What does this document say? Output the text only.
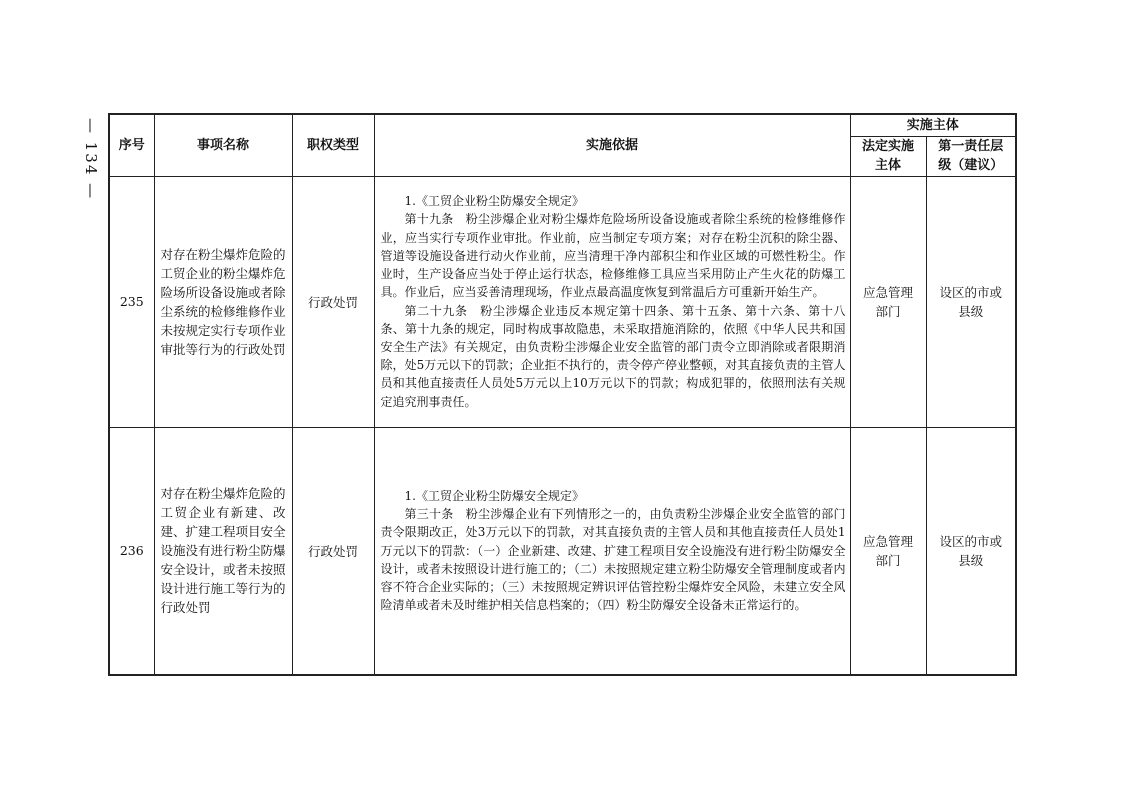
— 134 — 序号	事项名称	职权类型	实施依据	实施主体	
				法定实施主体	第一责任层级（建议）
235	对存在粉尘爆炸危险的工贸企业的粉尘爆炸危险场所设备设施或者除尘系统的检修维修作业未按规定实行专项作业审批等行为的行政处罚	行政处罚	1.《工贸企业粉尘防爆安全规定》

第十九条　粉尘涉爆企业对粉尘爆炸危险场所设备设施或者除尘系统的检修维修作业，应当实行专项作业审批。作业前，应当制定专项方案；对存在粉尘沉积的除尘器、管道等设施设备进行动火作业前，应当清理干净内部积尘和作业区域的可燃性粉尘。作业时，生产设备应当处于停止运行状态，检修维修工具应当采用防止产生火花的防爆工具。作业后，应当妥善清理现场，作业点最高温度恢复到常温后方可重新开始生产。

第二十九条　粉尘涉爆企业违反本规定第十四条、第十五条、第十六条、第十八条、第十九条的规定，同时构成事故隐患，未采取措施消除的，依照《中华人民共和国安全生产法》有关规定，由负责粉尘涉爆企业安全监管的部门责令立即消除或者限期消除，处5万元以下的罚款；企业拒不执行的，责令停产停业整顿，对其直接负责的主管人员和其他直接责任人员处5万元以上10万元以下的罚款；构成犯罪的，依照刑法有关规定追究刑事责任。	应急管理部门	设区的市或县级
236	对存在粉尘爆炸危险的工贸企业有新建、改建、扩建工程项目安全设施没有进行粉尘防爆安全设计，或者未按照设计进行施工等行为的行政处罚	行政处罚	1.《工贸企业粉尘防爆安全规定》

第三十条　粉尘涉爆企业有下列情形之一的，由负责粉尘涉爆企业安全监管的部门责令限期改正，处3万元以下的罚款，对其直接负责的主管人员和其他直接责任人员处1万元以下的罚款：（一）企业新建、改建、扩建工程项目安全设施没有进行粉尘防爆安全设计，或者未按照设计进行施工的；（二）未按照规定建立粉尘防爆安全管理制度或者内容不符合企业实际的；（三）未按照规定辨识评估管控粉尘爆炸安全风险，未建立安全风险清单或者未及时维护相关信息档案的；（四）粉尘防爆安全设备未正常运行的。	应急管理部门	设区的市或县级
